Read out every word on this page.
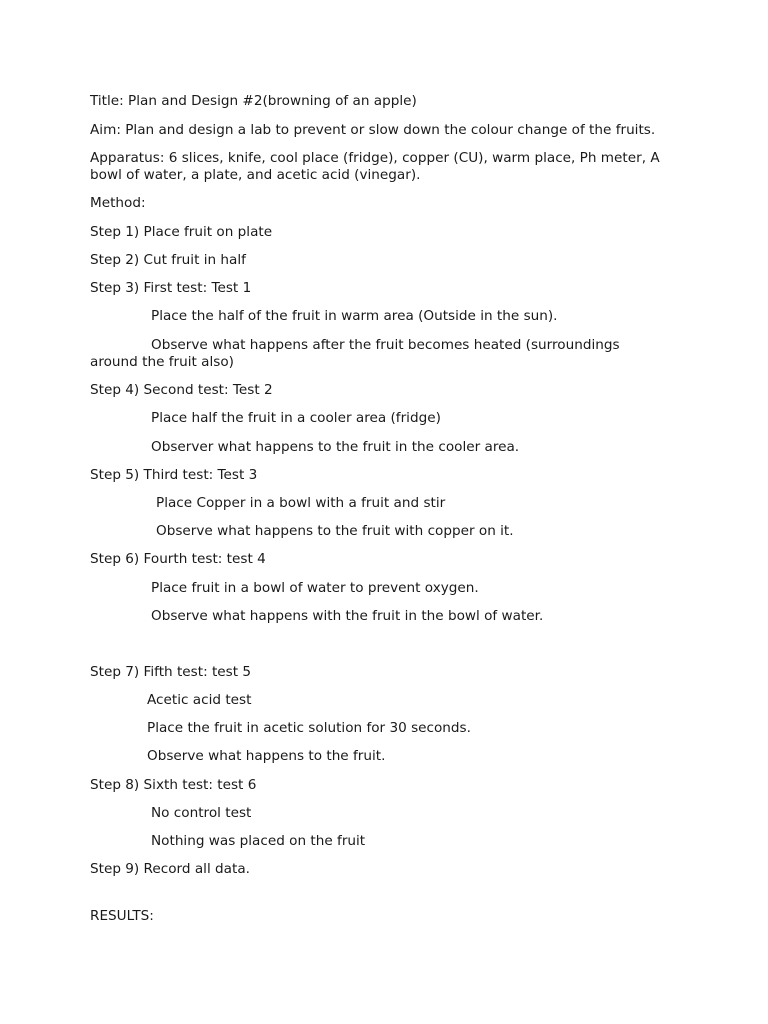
Title: Plan and Design #2(browning of an apple)

Aim: Plan and design a lab to prevent or slow down the colour change of the fruits.

Apparatus: 6 slices, knife, cool place (fridge), copper (CU), warm place, Ph meter, A

bowl of water, a plate, and acetic acid (vinegar).

Method:

Step 1) Place fruit on plate

Step 2) Cut fruit in half

Step 3) First test: Test 1

Place the half of the fruit in warm area (Outside in the sun).

Observe what happens after the fruit becomes heated (surroundings

around the fruit also)

Step 4) Second test: Test 2

Place half the fruit in a cooler area (fridge)

Observer what happens to the fruit in the cooler area.

Step 5) Third test: Test 3

Place Copper in a bowl with a fruit and stir

Observe what happens to the fruit with copper on it.

Step 6) Fourth test: test 4

Place fruit in a bowl of water to prevent oxygen.

Observe what happens with the fruit in the bowl of water.

Step 7) Fifth test: test 5

Acetic acid test

Place the fruit in acetic solution for 30 seconds.

Observe what happens to the fruit.

Step 8) Sixth test: test 6

No control test

Nothing was placed on the fruit

Step 9) Record all data.

RESULTS:
